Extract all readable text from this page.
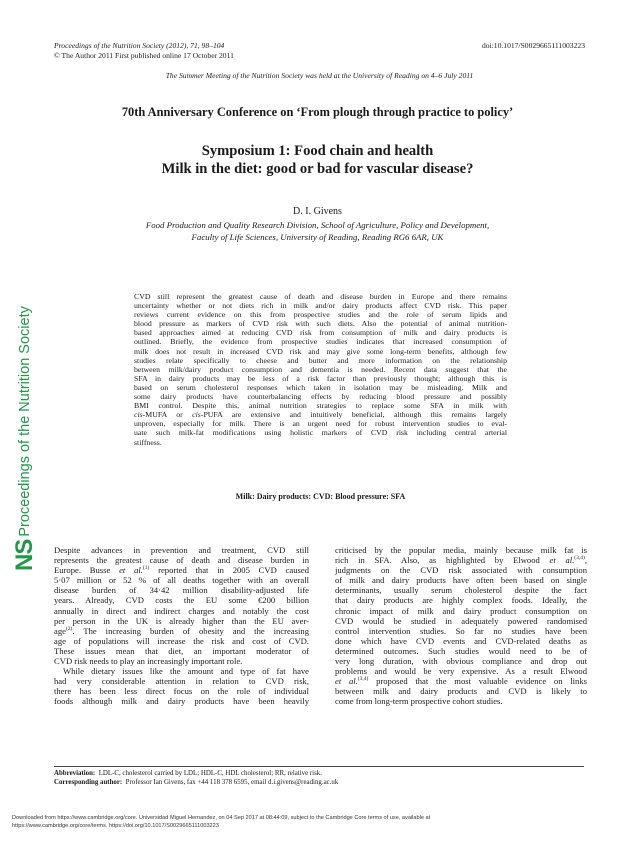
Proceedings of the Nutrition Society (2012), 71, 98–104	doi:10.1017/S0029665111003223
© The Author 2011 First published online 17 October 2011
The Summer Meeting of the Nutrition Society was held at the University of Reading on 4–6 July 2011
70th Anniversary Conference on ‘From plough through practice to policy’
Symposium 1: Food chain and health
Milk in the diet: good or bad for vascular disease?
D. I. Givens
Food Production and Quality Research Division, School of Agriculture, Policy and Development,
Faculty of Life Sciences, University of Reading, Reading RG6 6AR, UK
NS
Proceedings of the Nutrition Society
CVD still represent the greatest cause of death and disease burden in Europe and there remains
uncertainty whether or not diets rich in milk and/or dairy products affect CVD risk. This paper
reviews current evidence on this from prospective studies and the role of serum lipids and
blood pressure as markers of CVD risk with such diets. Also the potential of animal nutrition-
based approaches aimed at reducing CVD risk from consumption of milk and dairy products is
outlined. Briefly, the evidence from prospective studies indicates that increased consumption of
milk does not result in increased CVD risk and may give some long-term benefits, although few
studies relate specifically to cheese and butter and more information on the relationship
between milk/dairy product consumption and dementia is needed. Recent data suggest that the
SFA in dairy products may be less of a risk factor than previously thought; although this is
based on serum cholesterol responses which taken in isolation may be misleading. Milk and
some dairy products have counterbalancing effects by reducing blood pressure and possibly
BMI control. Despite this, animal nutrition strategies to replace some SFA in milk with
cis-MUFA or cis-PUFA are extensive and intuitively beneficial, although this remains largely
unproven, especially for milk. There is an urgent need for robust intervention studies to eval-
uate such milk-fat modifications using holistic markers of CVD risk including central arterial
stiffness.
Milk: Dairy products: CVD: Blood pressure: SFA
Despite advances in prevention and treatment, CVD still
represents the greatest cause of death and disease burden in
Europe. Busse et al.$^{(1)}$ reported that in 2005 CVD caused
5·07 million or 52 % of all deaths together with an overall
disease burden of 34·42 million disability-adjusted life
years. Already, CVD costs the EU some €200 billion
annually in direct and indirect charges and notably the cost
per person in the UK is already higher than the EU aver-
age$^{(2)}$. The increasing burden of obesity and the increasing
age of populations will increase the risk and cost of CVD.
These issues mean that diet, an important moderator of
CVD risk needs to play an increasingly important role.
While dietary issues like the amount and type of fat have
had very considerable attention in relation to CVD risk,
there has been less direct focus on the role of individual
foods although milk and dairy products have been heavily
criticised by the popular media, mainly because milk fat is
rich in SFA. Also, as highlighted by Elwood et al.$^{(3,4)}$,
judgments on the CVD risk associated with consumption
of milk and dairy products have often been based on single
determinants, usually serum cholesterol despite the fact
that dairy products are highly complex foods. Ideally, the
chronic impact of milk and dairy product consumption on
CVD would be studied in adequately powered randomised
control intervention studies. So far no studies have been
done which have CVD events and CVD-related deaths as
determined outcomes. Such studies would need to be of
very long duration, with obvious compliance and drop out
problems and would be very expensive. As a result Elwood
et al.$^{(3,4)}$ proposed that the most valuable evidence on links
between milk and dairy products and CVD is likely to
come from long-term prospective cohort studies.
Abbreviation: LDL-C, cholesterol carried by LDL; HDL-C, HDL cholesterol; RR, relative risk.
Corresponding author: Professor Ian Givens, fax +44 118 378 6595, email d.i.givens@reading.ac.uk
Downloaded from https://www.cambridge.org/core. Universidad Miguel Hernandez, on 04 Sep 2017 at 08:44:09, subject to the Cambridge Core terms of use, available at
https://www.cambridge.org/core/terms. https://doi.org/10.1017/S0029665111003223
